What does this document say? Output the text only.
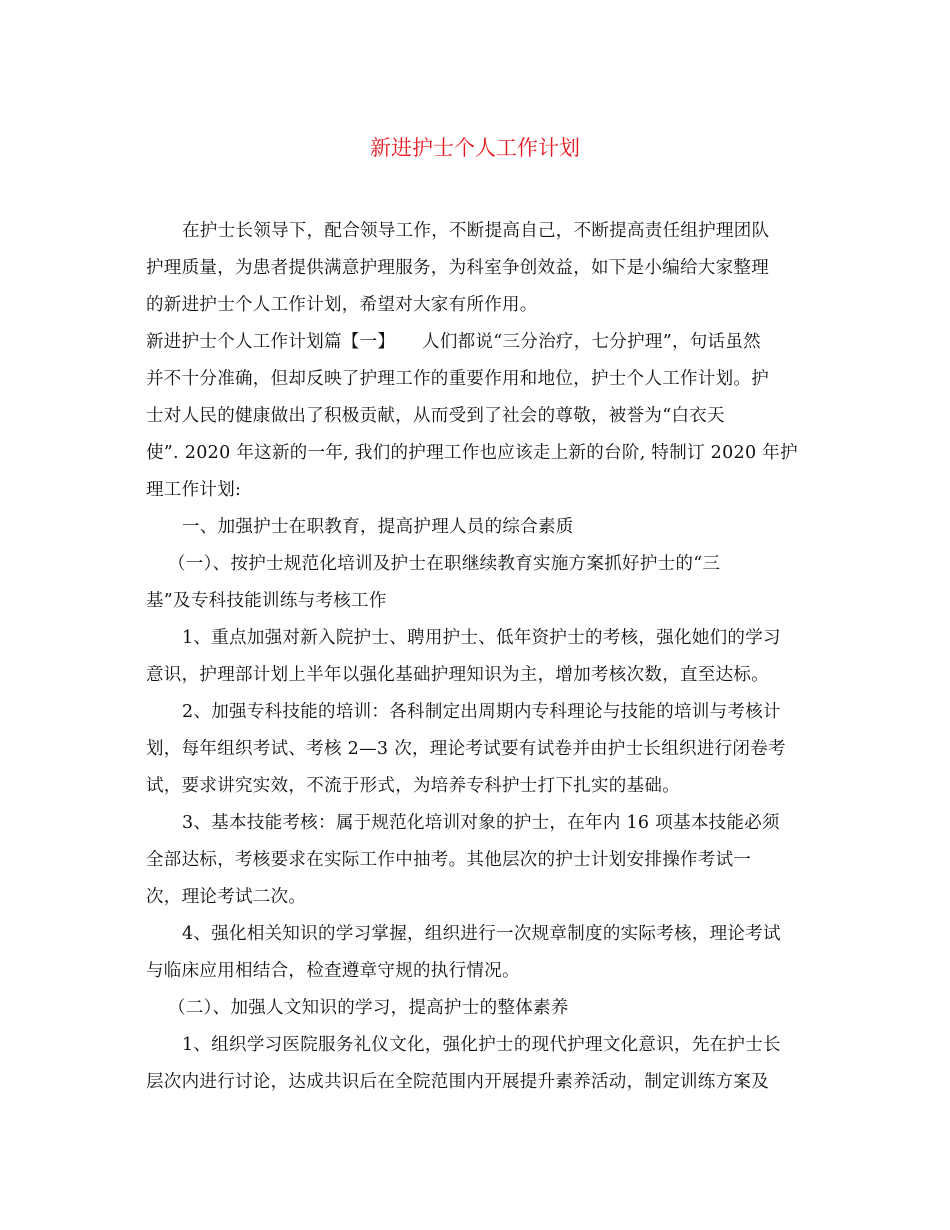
新进护士个人工作计划
在护士长领导下，配合领导工作，不断提高自己，不断提高责任组护理团队
护理质量，为患者提供满意护理服务，为科室争创效益，如下是小编给大家整理
的新进护士个人工作计划，希望对大家有所作用。
新进护士个人工作计划篇【一】　　人们都说“三分治疗，七分护理”，句话虽然
并不十分准确，但却反映了护理工作的重要作用和地位，护士个人工作计划。护
士对人民的健康做出了积极贡献，从而受到了社会的尊敬，被誉为“白衣天
使”. 2020 年这新的一年, 我们的护理工作也应该走上新的台阶, 特制订 2020 年护
理工作计划:
一、加强护士在职教育，提高护理人员的综合素质
（一）、按护士规范化培训及护士在职继续教育实施方案抓好护士的“三
基”及专科技能训练与考核工作
1、重点加强对新入院护士、聘用护士、低年资护士的考核，强化她们的学习
意识，护理部计划上半年以强化基础护理知识为主，增加考核次数，直至达标。
2、加强专科技能的培训：各科制定出周期内专科理论与技能的培训与考核计
划，每年组织考试、考核 2—3 次，理论考试要有试卷并由护士长组织进行闭卷考
试，要求讲究实效，不流于形式，为培养专科护士打下扎实的基础。
3、基本技能考核：属于规范化培训对象的护士，在年内 16 项基本技能必须
全部达标，考核要求在实际工作中抽考。其他层次的护士计划安排操作考试一
次，理论考试二次。
4、强化相关知识的学习掌握，组织进行一次规章制度的实际考核，理论考试
与临床应用相结合，检查遵章守规的执行情况。
（二）、加强人文知识的学习，提高护士的整体素养
1、组织学习医院服务礼仪文化，强化护士的现代护理文化意识，先在护士长
层次内进行讨论，达成共识后在全院范围内开展提升素养活动，制定训练方案及
